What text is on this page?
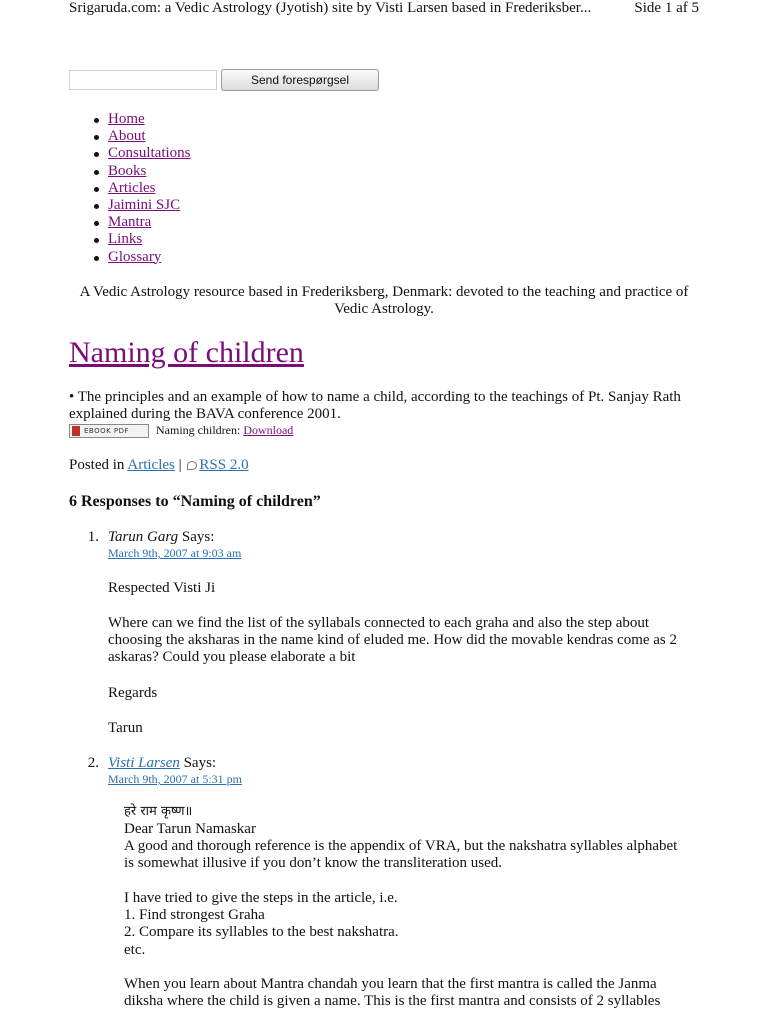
Srigaruda.com: a Vedic Astrology (Jyotish) site by Visti Larsen based in Frederiksber...	Side 1 af 5
Send forespørgsel
Home
About
Consultations
Books
Articles
Jaimini SJC
Mantra
Links
Glossary
A Vedic Astrology resource based in Frederiksberg, Denmark: devoted to the teaching and practice of Vedic Astrology.
Naming of children
• The principles and an example of how to name a child, according to the teachings of Pt. Sanjay Rath explained during the BAVA conference 2001.
EBOOK PDF Naming children: Download
Posted in Articles | RSS 2.0
6 Responses to “Naming of children”
1. Tarun Garg Says:
March 9th, 2007 at 9:03 am
Respected Visti Ji
Where can we find the list of the syllabals connected to each graha and also the step about choosing the aksharas in the name kind of eluded me. How did the movable kendras come as 2 askaras? Could you please elaborate a bit
Regards
Tarun
2. Visti Larsen Says:
March 9th, 2007 at 5:31 pm
हरे राम कृष्ण॥
Dear Tarun Namaskar
A good and thorough reference is the appendix of VRA, but the nakshatra syllables alphabet is somewhat illusive if you don’t know the transliteration used.
I have tried to give the steps in the article, i.e.
1. Find strongest Graha
2. Compare its syllables to the best nakshatra.
etc.
When you learn about Mantra chandah you learn that the first mantra is called the Janma diksha where the child is given a name. This is the first mantra and consists of 2 syllables
